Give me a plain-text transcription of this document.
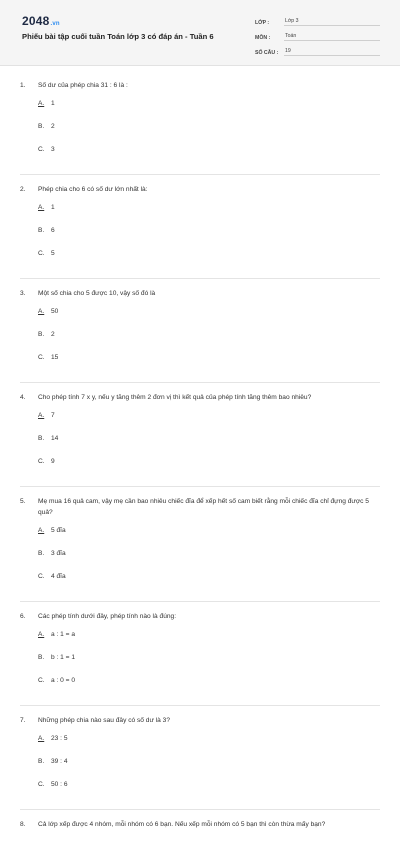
2048.vn
Phiếu bài tập cuối tuần Toán lớp 3 có đáp án - Tuần 6
LỚP :	Lớp 3
MÔN :	Toán
SỐ CÂU :	19
1.	Số dư của phép chia 31 : 6 là :
A.	1
B.	2
C. 3
2.	Phép chia cho 6 có số dư lớn nhất là:
A.	1
B.	6
C. 5
3.	Một số chia cho 5 được 10, vậy số đó là
A.	50
B.	2
C. 15
4.	Cho phép tính 7 x y, nếu y tăng thêm 2 đơn vị thì kết quả của phép tính tăng thêm bao nhiêu?
A.	7
B.	14
C. 9
5.	Mẹ mua 16 quả cam, vậy mẹ cần bao nhiêu chiếc đĩa để xếp hết số cam biết rằng mỗi chiếc đĩa chỉ đựng được 5 quả?
A.	5 đĩa
B.	3 đĩa
C. 4 đĩa
6.	Các phép tính dưới đây, phép tính nào là đúng:
A.	a : 1 = a
B.	b : 1 = 1
C. a : 0 = 0
7.	Những phép chia nào sau đây có số dư là 3?
A.	23 : 5
B.	39 : 4
C. 50 : 6
8.	Cả lớp xếp được 4 nhóm, mỗi nhóm có 6 bạn. Nếu xếp mỗi nhóm có 5 bạn thì còn thừa mấy bạn?
